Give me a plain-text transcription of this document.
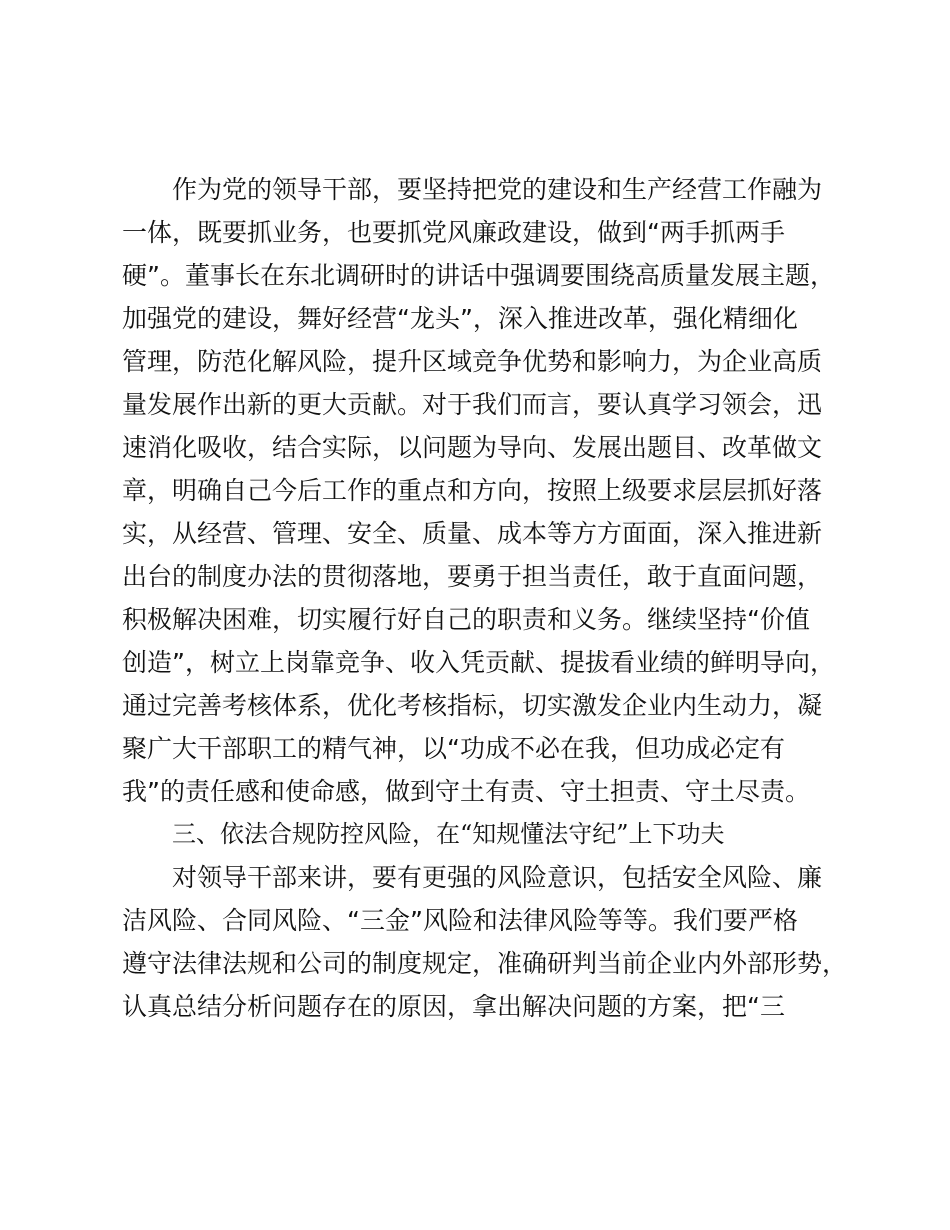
作为党的领导干部，要坚持把党的建设和生产经营工作融为
一体，既要抓业务，也要抓党风廉政建设，做到“两手抓两手
硬”。董事长在东北调研时的讲话中强调要围绕高质量发展主题，
加强党的建设，舞好经营“龙头”，深入推进改革，强化精细化
管理，防范化解风险，提升区域竞争优势和影响力，为企业高质
量发展作出新的更大贡献。对于我们而言，要认真学习领会，迅
速消化吸收，结合实际，以问题为导向、发展出题目、改革做文
章，明确自己今后工作的重点和方向，按照上级要求层层抓好落
实，从经营、管理、安全、质量、成本等方方面面，深入推进新
出台的制度办法的贯彻落地，要勇于担当责任，敢于直面问题，
积极解决困难，切实履行好自己的职责和义务。继续坚持“价值
创造”，树立上岗靠竞争、收入凭贡献、提拔看业绩的鲜明导向，
通过完善考核体系，优化考核指标，切实激发企业内生动力，凝
聚广大干部职工的精气神，以“功成不必在我，但功成必定有
我”的责任感和使命感，做到守土有责、守土担责、守土尽责。
三、依法合规防控风险，在“知规懂法守纪”上下功夫
对领导干部来讲，要有更强的风险意识，包括安全风险、廉
洁风险、合同风险、“三金”风险和法律风险等等。我们要严格
遵守法律法规和公司的制度规定，准确研判当前企业内外部形势，
认真总结分析问题存在的原因，拿出解决问题的方案，把“三
